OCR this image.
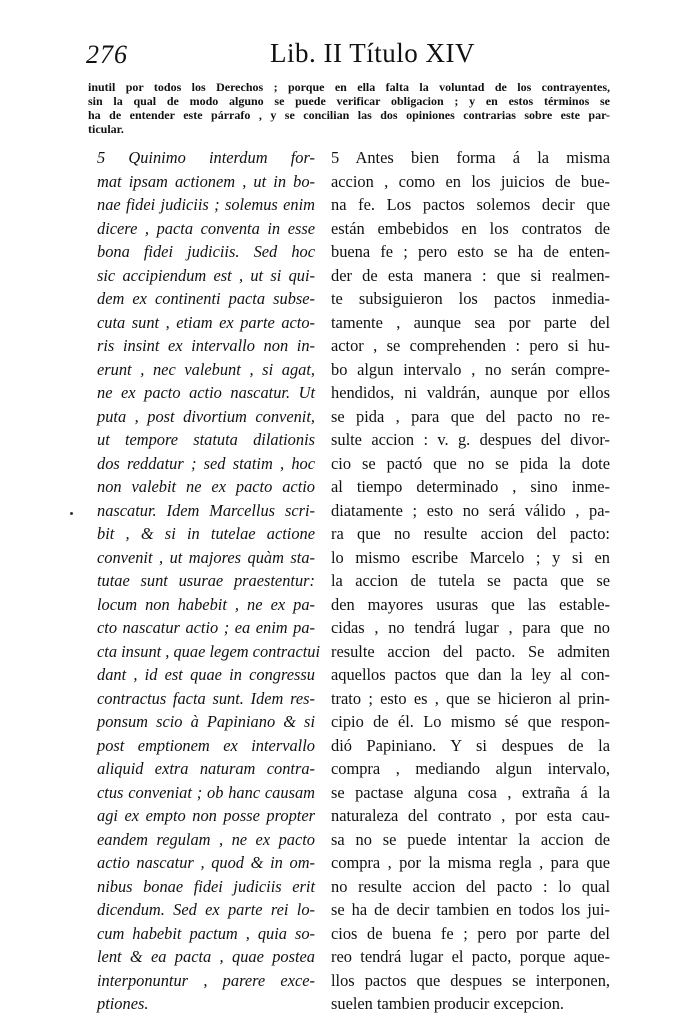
276	Lib. II Título XIV
inutil por todos los Derechos ; porque en ella falta la voluntad de los contrayentes,
sin la qual de modo alguno se puede verificar obligacion ; y en estos términos se
ha de entender este párrafo , y se concilian las dos opiniones contrarias sobre este par-
ticular.
5 Quinimo interdum for-
mat ipsam actionem , ut in bo-
nae fidei judiciis ; solemus enim
dicere , pacta conventa in esse
bona fidei judiciis. Sed hoc
sic accipiendum est , ut si qui-
dem ex continenti pacta subse-
cuta sunt , etiam ex parte acto-
ris insint ex intervallo non in-
erunt , nec valebunt , si agat,
ne ex pacto actio nascatur. Ut
puta , post divortium convenit,
ut tempore statuta dilationis
dos reddatur ; sed statim , hoc
non valebit ne ex pacto actio
nascatur. Idem Marcellus scri-
bit , & si in tutelae actione
convenit , ut majores quàm sta-
tutae sunt usurae praestentur:
locum non habebit , ne ex pa-
cto nascatur actio ; ea enim pa-
cta insunt , quae legem contractui
dant , id est quae in congressu
contractus facta sunt. Idem res-
ponsum scio à Papiniano & si
post emptionem ex intervallo
aliquid extra naturam contra-
ctus conveniat ; ob hanc causam
agi ex empto non posse propter
eandem regulam , ne ex pacto
actio nascatur , quod & in om-
nibus bonae fidei judiciis erit
dicendum. Sed ex parte rei lo-
cum habebit pactum , quia so-
lent & ea pacta , quae postea
interponuntur , parere exce-
ptiones.
5 Antes bien forma á la misma
accion , como en los juicios de bue-
na fe. Los pactos solemos decir que
están embebidos en los contratos de
buena fe ; pero esto se ha de enten-
der de esta manera : que si realmen-
te subsiguieron los pactos inmedia-
tamente , aunque sea por parte del
actor , se comprehenden : pero si hu-
bo algun intervalo , no serán compre-
hendidos, ni valdrán, aunque por ellos
se pida , para que del pacto no re-
sulte accion : v. g. despues del divor-
cio se pactó que no se pida la dote
al tiempo determinado , sino inme-
diatamente ; esto no será válido , pa-
ra que no resulte accion del pacto:
lo mismo escribe Marcelo ; y si en
la accion de tutela se pacta que se
den mayores usuras que las estable-
cidas , no tendrá lugar , para que no
resulte accion del pacto. Se admiten
aquellos pactos que dan la ley al con-
trato ; esto es , que se hicieron al prin-
cipio de él. Lo mismo sé que respon-
dió Papiniano. Y si despues de la
compra , mediando algun intervalo,
se pactase alguna cosa , extraña á la
naturaleza del contrato , por esta cau-
sa no se puede intentar la accion de
compra , por la misma regla , para que
no resulte accion del pacto : lo qual
se ha de decir tambien en todos los jui-
cios de buena fe ; pero por parte del
reo tendrá lugar el pacto, porque aque-
llos pactos que despues se interponen,
suelen tambien producir excepcion.
